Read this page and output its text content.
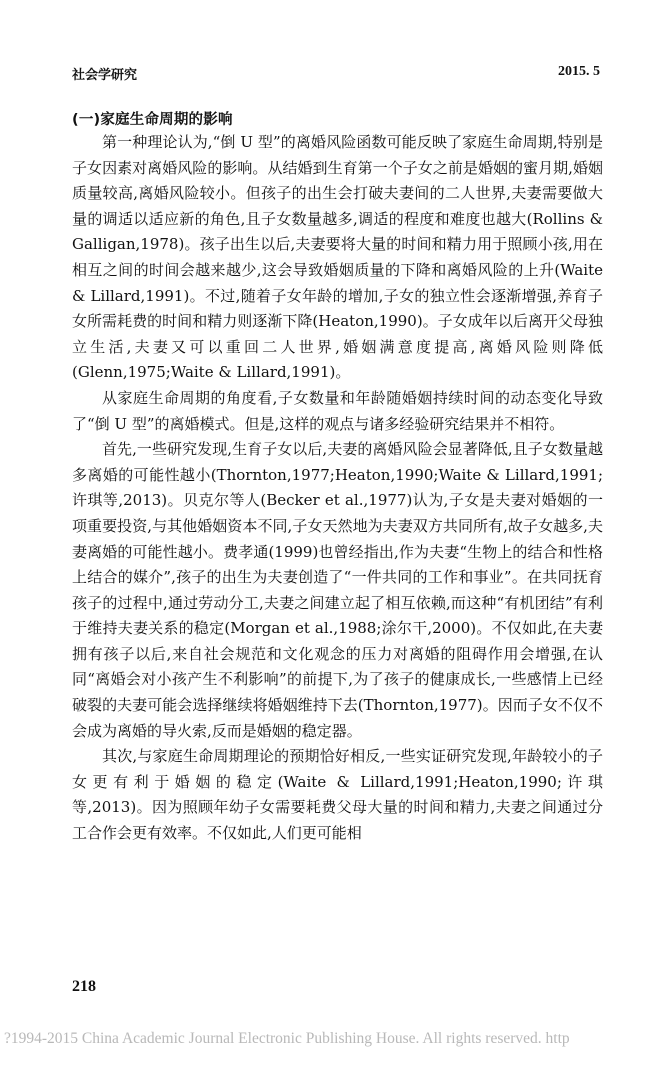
社会学研究	2015. 5
(一)家庭生命周期的影响

第一种理论认为,“倒 U 型”的离婚风险函数可能反映了家庭生命周期,特别是子女因素对离婚风险的影响。从结婚到生育第一个子女之前是婚姻的蜜月期,婚姻质量较高,离婚风险较小。但孩子的出生会打破夫妻间的二人世界,夫妻需要做大量的调适以适应新的角色,且子女数量越多,调适的程度和难度也越大(Rollins & Galligan,1978)。孩子出生以后,夫妻要将大量的时间和精力用于照顾小孩,用在相互之间的时间会越来越少,这会导致婚姻质量的下降和离婚风险的上升(Waite & Lillard,1991)。不过,随着子女年龄的增加,子女的独立性会逐渐增强,养育子女所需耗费的时间和精力则逐渐下降(Heaton,1990)。子女成年以后离开父母独立生活,夫妻又可以重回二人世界,婚姻满意度提高,离婚风险则降低(Glenn,1975;Waite & Lillard,1991)。

从家庭生命周期的角度看,子女数量和年龄随婚姻持续时间的动态变化导致了“倒 U 型”的离婚模式。但是,这样的观点与诸多经验研究结果并不相符。

首先,一些研究发现,生育子女以后,夫妻的离婚风险会显著降低,且子女数量越多离婚的可能性越小(Thornton,1977;Heaton,1990;Waite & Lillard,1991;许琪等,2013)。贝克尔等人(Becker et al.,1977)认为,子女是夫妻对婚姻的一项重要投资,与其他婚姻资本不同,子女天然地为夫妻双方共同所有,故子女越多,夫妻离婚的可能性越小。费孝通(1999)也曾经指出,作为夫妻“生物上的结合和性格上结合的媒介”,孩子的出生为夫妻创造了“一件共同的工作和事业”。在共同抚育孩子的过程中,通过劳动分工,夫妻之间建立起了相互依赖,而这种“有机团结”有利于维持夫妻关系的稳定(Morgan et al.,1988;涂尔干,2000)。不仅如此,在夫妻拥有孩子以后,来自社会规范和文化观念的压力对离婚的阻碍作用会增强,在认同“离婚会对小孩产生不利影响”的前提下,为了孩子的健康成长,一些感情上已经破裂的夫妻可能会选择继续将婚姻维持下去(Thornton,1977)。因而子女不仅不会成为离婚的导火索,反而是婚姻的稳定器。

其次,与家庭生命周期理论的预期恰好相反,一些实证研究发现,年龄较小的子女更有利于婚姻的稳定(Waite & Lillard,1991;Heaton,1990;许琪等,2013)。因为照顾年幼子女需要耗费父母大量的时间和精力,夫妻之间通过分工合作会更有效率。不仅如此,人们更可能相

218
?1994-2015 China Academic Journal Electronic Publishing House. All rights reserved. http
